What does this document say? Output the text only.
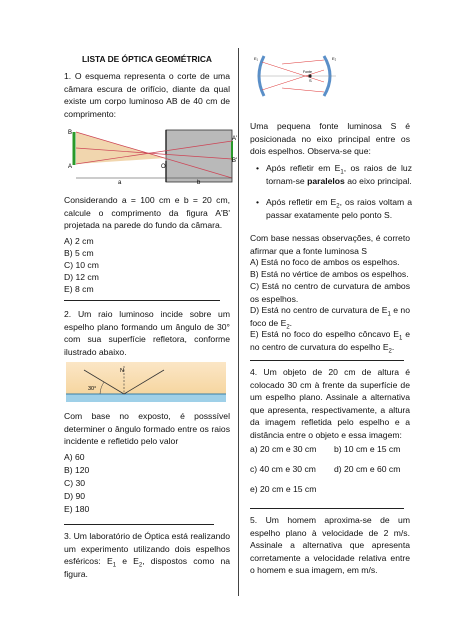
LISTA DE ÓPTICA GEOMÉTRICA
1. O esquema representa o corte de uma câmara escura de orifício, diante da qual existe um corpo luminoso AB de 40 cm de comprimento:
B
A	O
A'
B'
a	b
Considerando a = 100 cm e b = 20 cm, calcule o comprimento da figura A'B' projetada na parede do fundo da câmara.
A) 2 cm
B) 5 cm
C) 10 cm
D) 12 cm
E) 8 cm
2. Um raio luminoso incide sobre um espelho plano formando um ângulo de 30° com sua superfície refletora, conforme ilustrado abaixo.
N
30°
Com base no exposto, é posssível determiner o ângulo formado entre os raios incidente e refletido pelo valor
A) 60
B) 120
C) 30
D) 90
E) 180
3. Um laboratório de Óptica está realizando um experimento utilizando dois espelhos esféricos: $E_1$ e $E_2$, dispostos como na figura.
E₁	E₂
Fonte
S
Uma pequena fonte luminosa S é posicionada no eixo principal entre os dois espelhos. Observa-se que:
• Após refletir em $E_1$, os raios de luz tornam-se paralelos ao eixo principal.
• Após refletir em $E_2$, os raios voltam a passar exatamente pelo ponto S.
Com base nessas observações, é correto afirmar que a fonte luminosa S
A) Está no foco de ambos os espelhos.
B) Está no vértice de ambos os espelhos.
C) Está no centro de curvatura de ambos os espelhos.
D) Está no centro de curvatura de $E_1$ e no foco de $E_2$.
E) Está no foco do espelho côncavo $E_1$ e no centro de curvatura do espelho $E_2$.
4. Um objeto de 20 cm de altura é colocado 30 cm à frente da superfície de um espelho plano. Assinale a alternativa que apresenta, respectivamente, a altura da imagem refletida pelo espelho e a distância entre o objeto e essa imagem:
a) 20 cm e 30 cm b) 10 cm e 15 cm
c) 40 cm e 30 cm d) 20 cm e 60 cm
e) 20 cm e 15 cm
5. Um homem aproxima-se de um espelho plano à velocidade de 2 m/s. Assinale a alternativa que apresenta corretamente a velocidade relativa entre o homem e sua imagem, em m/s.
